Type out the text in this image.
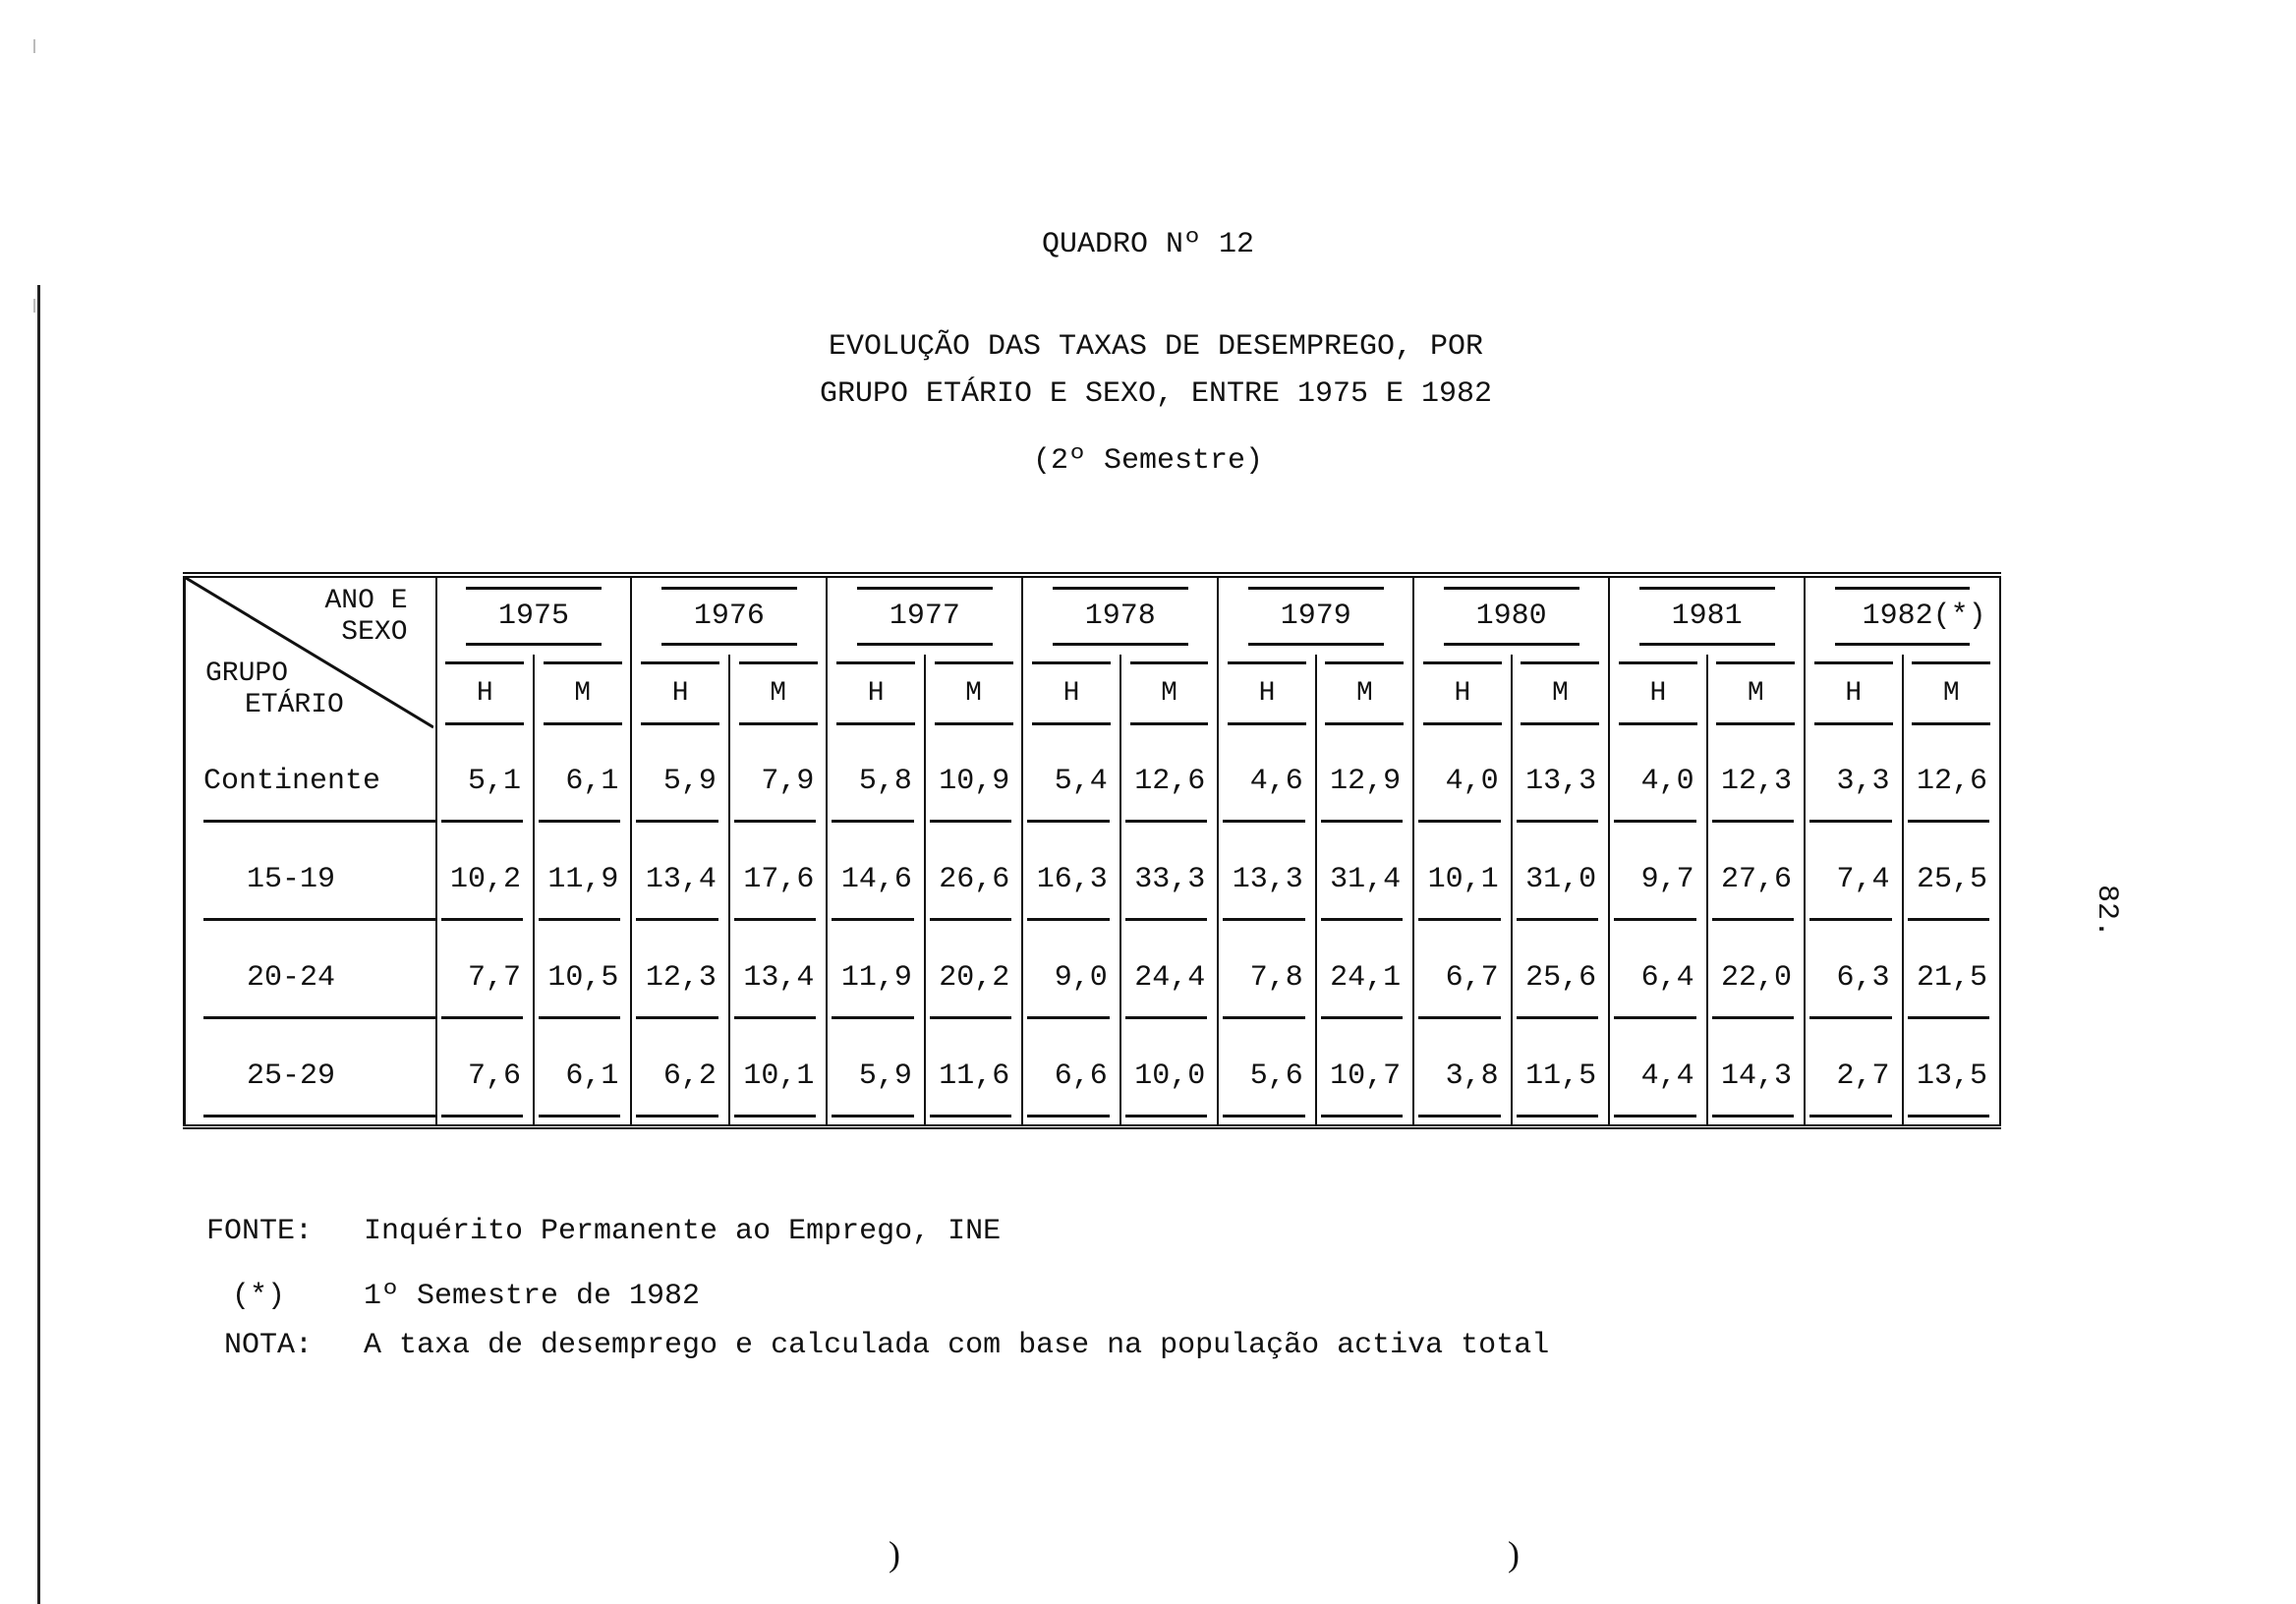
QUADRO Nº 12
EVOLUÇÃO DAS TAXAS DE DESEMPREGO, POR
GRUPO ETÁRIO E SEXO, ENTRE 1975 E 1982
(2º Semestre)
ANO E
SEXO
GRUPO
ETÁRIO	1975		1976		1977		1978		1979		1980		1981		1982(*)	
	H	M	H	M	H	M	H	M	H	M	H	M	H	M	H	M

Continente	5,1	6,1	5,9	7,9	5,8	10,9	5,4	12,6	4,6	12,9	4,0	13,3	4,0	12,3	3,3	12,6

15-19	10,2	11,9	13,4	17,6	14,6	26,6	16,3	33,3	13,3	31,4	10,1	31,0	9,7	27,6	7,4	25,5

20-24	7,7	10,5	12,3	13,4	11,9	20,2	9,0	24,4	7,8	24,1	6,7	25,6	6,4	22,0	6,3	21,5

25-29	7,6	6,1	6,2	10,1	5,9	11,6	6,6	10,0	5,6	10,7	3,8	11,5	4,4	14,3	2,7	13,5
82.
FONTE: Inquérito Permanente ao Emprego, INE
(*)	1º Semestre de 1982
NOTA: A taxa de desemprego e calculada com base na população activa total
)	)
